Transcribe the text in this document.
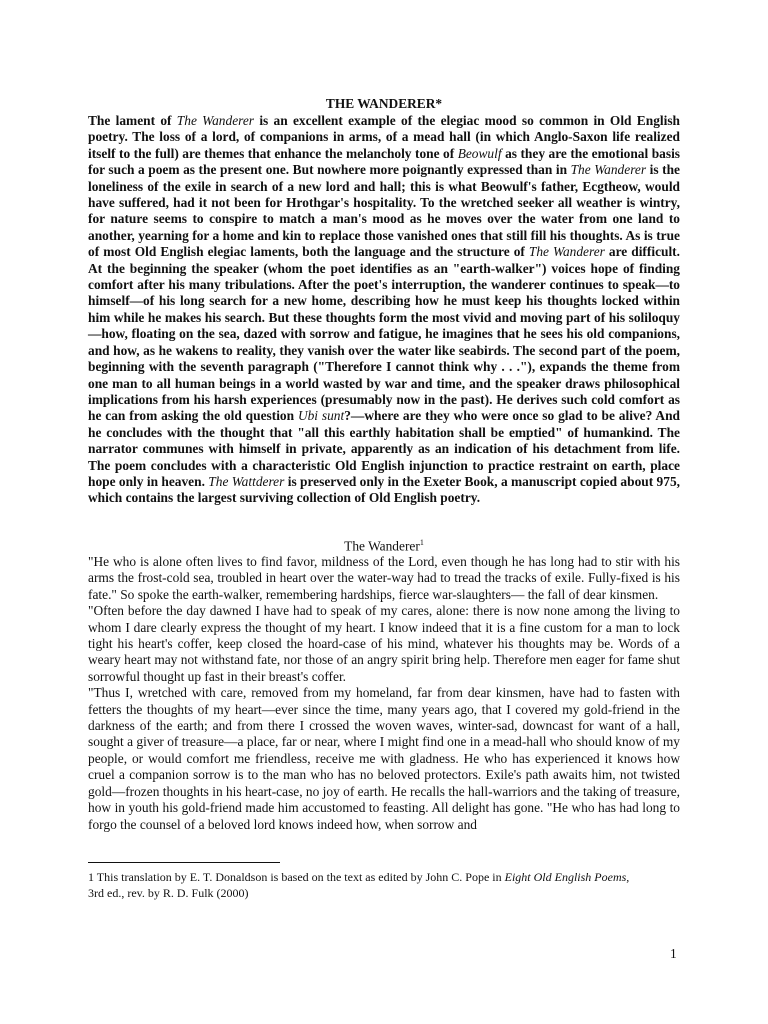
THE WANDERER*

The lament of The Wanderer is an excellent example of the elegiac mood so common in Old English poetry. The loss of a lord, of companions in arms, of a mead hall (in which Anglo-Saxon life realized itself to the full) are themes that enhance the melancholy tone of Beowulf as they are the emotional basis for such a poem as the present one. But nowhere more poignantly expressed than in The Wanderer is the loneliness of the exile in search of a new lord and hall; this is what Beowulf's father, Ecgtheow, would have suffered, had it not been for Hrothgar's hospitality. To the wretched seeker all weather is wintry, for nature seems to conspire to match a man's mood as he moves over the water from one land to another, yearning for a home and kin to replace those vanished ones that still fill his thoughts. As is true of most Old English elegiac laments, both the language and the structure of The Wanderer are difficult. At the beginning the speaker (whom the poet identifies as an "earth-walker") voices hope of finding comfort after his many tribulations. After the poet's interruption, the wanderer continues to speak—to himself—of his long search for a new home, describing how he must keep his thoughts locked within him while he makes his search. But these thoughts form the most vivid and moving part of his soliloquy—how, floating on the sea, dazed with sorrow and fatigue, he imagines that he sees his old companions, and how, as he wakens to reality, they vanish over the water like seabirds. The second part of the poem, beginning with the seventh paragraph ("Therefore I cannot think why . . ."), expands the theme from one man to all human beings in a world wasted by war and time, and the speaker draws philosophical implications from his harsh experiences (presumably now in the past). He derives such cold comfort as he can from asking the old question Ubi sunt?—where are they who were once so glad to be alive? And he concludes with the thought that "all this earthly habitation shall be emptied" of humankind. The narrator communes with himself in private, apparently as an indication of his detachment from life. The poem concludes with a characteristic Old English injunction to practice restraint on earth, place hope only in heaven. The Wattderer is preserved only in the Exeter Book, a manuscript copied about 975, which contains the largest surviving collection of Old English poetry.

The Wanderer$^1$

"He who is alone often lives to find favor, mildness of the Lord, even though he has long had to stir with his arms the frost-cold sea, troubled in heart over the water-way had to tread the tracks of exile. Fully-fixed is his fate." So spoke the earth-walker, remembering hardships, fierce war-slaughters— the fall of dear kinsmen.

"Often before the day dawned I have had to speak of my cares, alone: there is now none among the living to whom I dare clearly express the thought of my heart. I know indeed that it is a fine custom for a man to lock tight his heart's coffer, keep closed the hoard-case of his mind, whatever his thoughts may be. Words of a weary heart may not withstand fate, nor those of an angry spirit bring help. Therefore men eager for fame shut sorrowful thought up fast in their breast's coffer.

"Thus I, wretched with care, removed from my homeland, far from dear kinsmen, have had to fasten with fetters the thoughts of my heart—ever since the time, many years ago, that I covered my gold-friend in the darkness of the earth; and from there I crossed the woven waves, winter-sad, downcast for want of a hall, sought a giver of treasure—a place, far or near, where I might find one in a mead-hall who should know of my people, or would comfort me friendless, receive me with gladness. He who has experienced it knows how cruel a companion sorrow is to the man who has no beloved protectors. Exile's path awaits him, not twisted gold—frozen thoughts in his heart-case, no joy of earth. He recalls the hall-warriors and the taking of treasure, how in youth his gold-friend made him accustomed to feasting. All delight has gone. "He who has had long to forgo the counsel of a beloved lord knows indeed how, when sorrow and

1 This translation by E. T. Donaldson is based on the text as edited by John C. Pope in Eight Old English Poems,
3rd ed., rev. by R. D. Fulk (2000)

1
